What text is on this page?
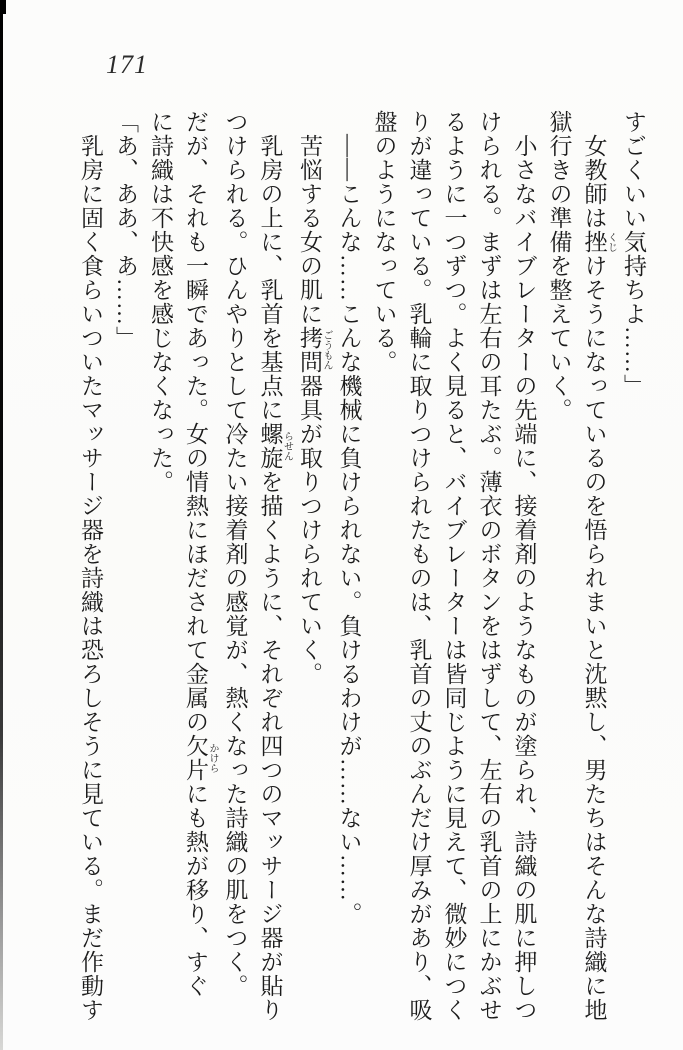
171
すごくいい気持ちよ……」
女教師は挫 くじけそうになっているのを悟られまいと沈黙し、男たちはそんな詩織に地
獄行きの準備を整えていく。
小さなバイブレーターの先端に、接着剤のようなものが塗られ、詩織の肌に押しつ
けられる。まずは左右の耳たぶ。薄衣のボタンをはずして、左右の乳首の上にかぶせ
るように一つずつ。よく見ると、バイブレーターは皆同じように見えて、微妙につく
りが違っている。乳輪に取りつけられたものは、乳首の丈のぶんだけ厚みがあり、吸
盤のようになっている。
――こんな……こんな機械に負けられない。負けるわけが……ない……。
苦悩する女の肌に拷問 ごうもん器具が取りつけられていく。
乳房の上に、乳首を基点に螺旋 らせんを描くように、それぞれ四つのマッサージ器が貼り
つけられる。ひんやりとして冷たい接着剤の感覚が、熱くなった詩織の肌をつく。
だが、それも一瞬であった。女の情熱にほだされて金属の欠片 かけらにも熱が移り、すぐ
に詩織は不快感を感じなくなった。
「あ、ああ、あ……」
乳房に固く食らいついたマッサージ器を詩織は恐ろしそうに見ている。まだ作動す
